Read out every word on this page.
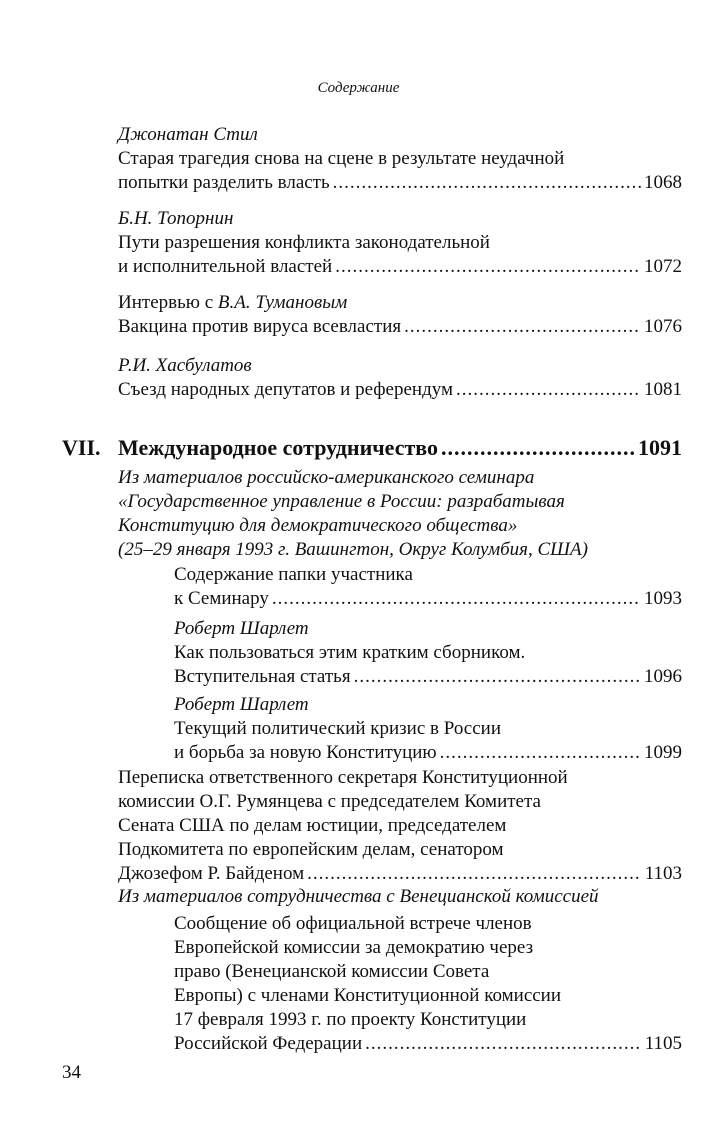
Содержание
Джонатан Стил
Старая трагедия снова на сцене в результате неудачной
попытки разделить власть .....	1068
Б.Н. Топорнин
Пути разрешения конфликта законодательной
и исполнительной властей .....	1072
Интервью с В.А. Тумановым
Вакцина против вируса всевластия .....	1076
Р.И. Хасбулатов
Съезд народных депутатов и референдум .....	1081
VII. Международное сотрудничество .....	1091
Из материалов российско-американского семинара
«Государственное управление в России: разрабатывая
Конституцию для демократического общества»
(25–29 января 1993 г. Вашингтон, Округ Колумбия, США)
Содержание папки участника
к Семинару .....	1093
Роберт Шарлет
Как пользоваться этим кратким сборником.
Вступительная статья .....	1096
Роберт Шарлет
Текущий политический кризис в России
и борьба за новую Конституцию .....	1099
Переписка ответственного секретаря Конституционной
комиссии О.Г. Румянцева с председателем Комитета
Сената США по делам юстиции, председателем
Подкомитета по европейским делам, сенатором
Джозефом Р. Байденом .....	1103
Из материалов сотрудничества с Венецианской комиссией
Сообщение об официальной встрече членов
Европейской комиссии за демократию через
право (Венецианской комиссии Совета
Европы) с членами Конституционной комиссии
17 февраля 1993 г. по проекту Конституции
Российской Федерации .....	1105
34
